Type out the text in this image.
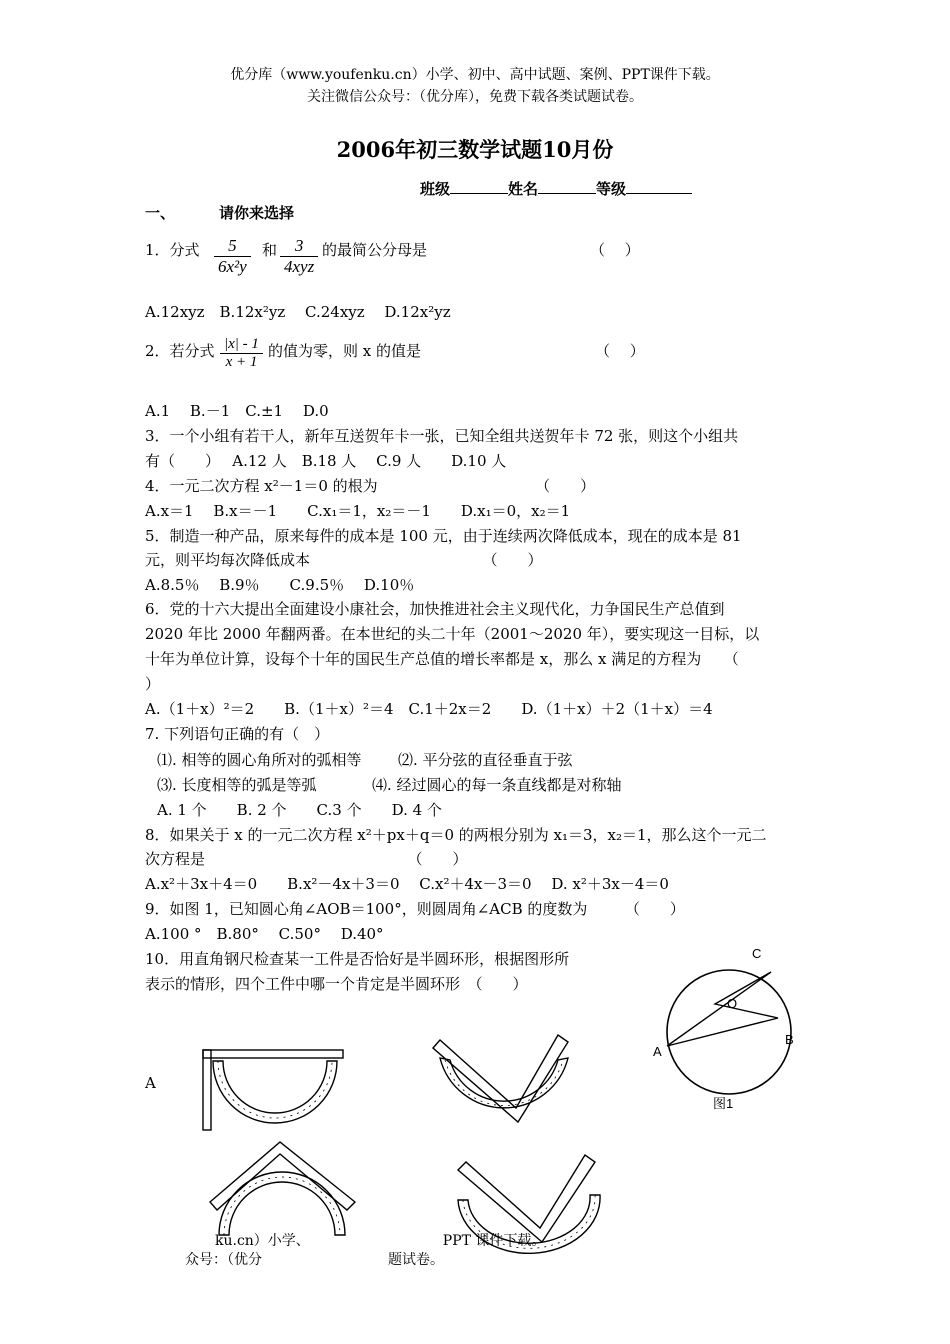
优分库（www.youfenku.cn）小学、初中、高中试题、案例、PPT课件下载。
关注微信公众号：（优分库），免费下载各类试题试卷。
2006年初三数学试题10月份
班级	姓名	等级
一、	请你来选择
1．分式 $\frac{5}{\text{6x²y}}$ 和 $\frac{3}{\text{4xyz}}$ 的最简公分母是	（　 ）
A.12xyz　B.12x²yz　 C.24xyz　 D.12x²yz
2．若分式 $\frac{|x| - 1}{x + 1}$ 的值为零，则 x 的值是	（　 ）
A.1　 B.－1　C.±1　 D.0
3．一个小组有若干人，新年互送贺年卡一张，已知全组共送贺年卡 72 张，则这个小组共
有（　　）　 A.12 人　B.18 人　 C.9 人　　D.10 人
4．一元二次方程 x²－1＝0 的根为　　　　　　　　　　　（　　）
A.x＝1　 B.x＝－1　　C.x₁＝1，x₂＝－1　　D.x₁＝0，x₂＝1
5．制造一种产品，原来每件的成本是 100 元，由于连续两次降低成本，现在的成本是 81
元，则平均每次降低成本　　　　　　　　　　　　（　　）
A.8.5％　 B.9％　　C.9.5％　 D.10％
6．党的十六大提出全面建设小康社会，加快推进社会主义现代化，力争国民生产总值到
2020 年比 2000 年翻两番。在本世纪的头二十年（2001～2020 年），要实现这一目标，以
十年为单位计算，设每个十年的国民生产总值的增长率都是 x，那么 x 满足的方程为　　（
）
A.（1＋x）²＝2　　B.（1＋x）²＝4　C.1＋2x＝2　　D.（1＋x）＋2（1＋x）＝4
7. 下列语句正确的有（　）
⑴. 相等的圆心角所对的弧相等 ⑵. 平分弦的直径垂直于弦
⑶. 长度相等的弧是等弧	⑷. 经过圆心的每一条直线都是对称轴
A. 1 个　　B. 2 个　　C.3 个　　D. 4 个
8．如果关于 x 的一元二次方程 x²＋px＋q＝0 的两根分别为 x₁＝3，x₂＝1，那么这个一元二
次方程是　　　　　　　　　　　　　　（　　）
A.x²＋3x＋4＝0　　B.x²－4x＋3＝0　 C.x²＋4x－3＝0　 D. x²＋3x－4＝0
9．如图 1，已知圆心角∠AOB＝100°，则圆周角∠ACB 的度数为　　　（　　）
A.100 °　B.80°　 C.50°　 D.40°
10．用直角钢尺检查某一工件是否恰好是半圆环形，根据图形所
表示的情形，四个工件中哪一个肯定是半圆环形　（　　）
A
C
O
A
B
图1
ku.cn）小学、　　　　　　　　　　PPT 课件下载。
众号：（优分　　　　　　　　　题试卷。
